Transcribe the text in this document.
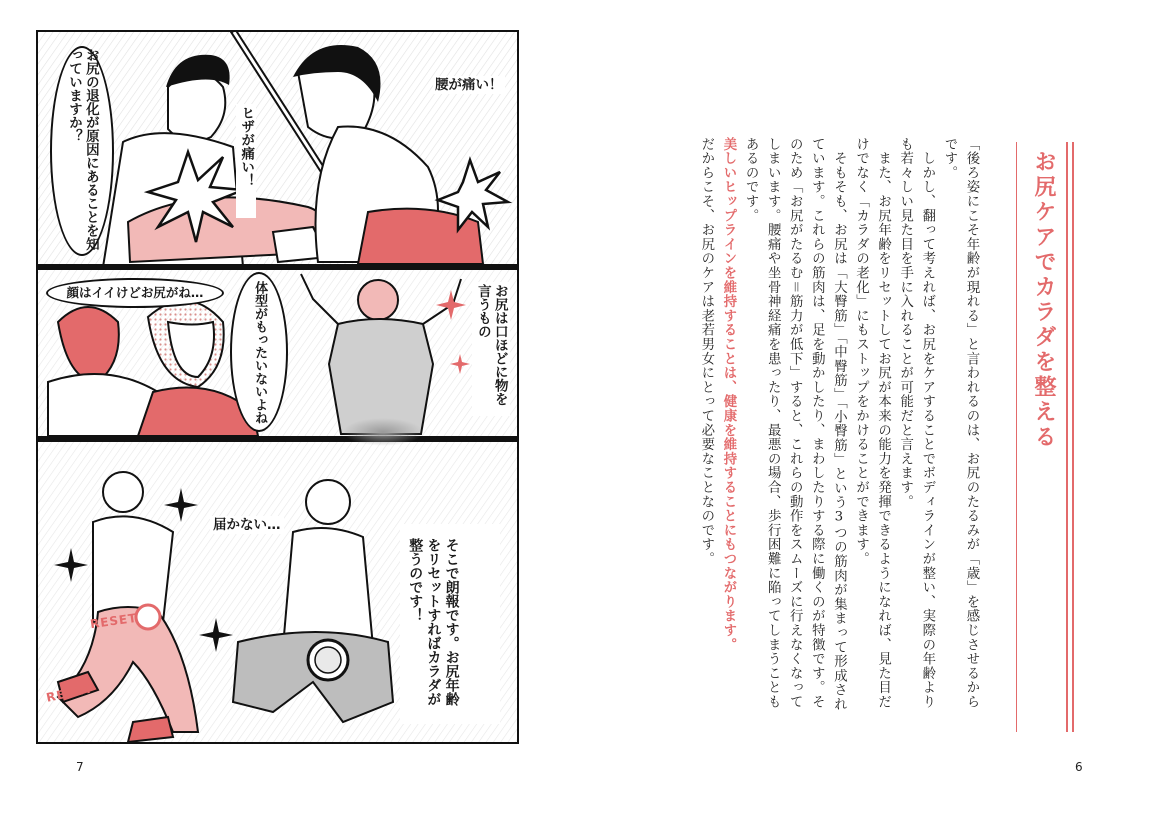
お尻の退化が原因にあることを知っていますか？
ヒザが痛い！
腰が痛い！
顔はイイけどお尻がね…	体型がもったいないよね	お尻は口ほどに物を言うもの
届かない…
RESET
RESET	そこで朗報です。お尻年齢をリセットすればカラダが整うのです！
7
お尻ケアでカラダを整える

「後ろ姿にこそ年齢が現れる」と言われるのは、お尻のたるみが「歳」を感じさせるからです。

　しかし、翻って考えれば、お尻をケアすることでボディラインが整い、実際の年齢よりも若々しい見た目を手に入れることが可能だと言えます。

　また、お尻年齢をリセットしてお尻が本来の能力を発揮できるようになれば、見た目だけでなく「カラダの老化」にもストップをかけることができます。

　そもそも、お尻は「大臀筋」「中臀筋」「小臀筋」という3つの筋肉が集まって形成されています。これらの筋肉は、足を動かしたり、まわしたりする際に働くのが特徴です。そのため「お尻がたるむ＝筋力が低下」すると、これらの動作をスムーズに行えなくなってしまいます。腰痛や坐骨神経痛を患ったり、最悪の場合、歩行困難に陥ってしまうこともあるのです。

美しいヒップラインを維持することは、健康を維持することにもつながります。

だからこそ、お尻のケアは老若男女にとって必要なことなのです。

6
